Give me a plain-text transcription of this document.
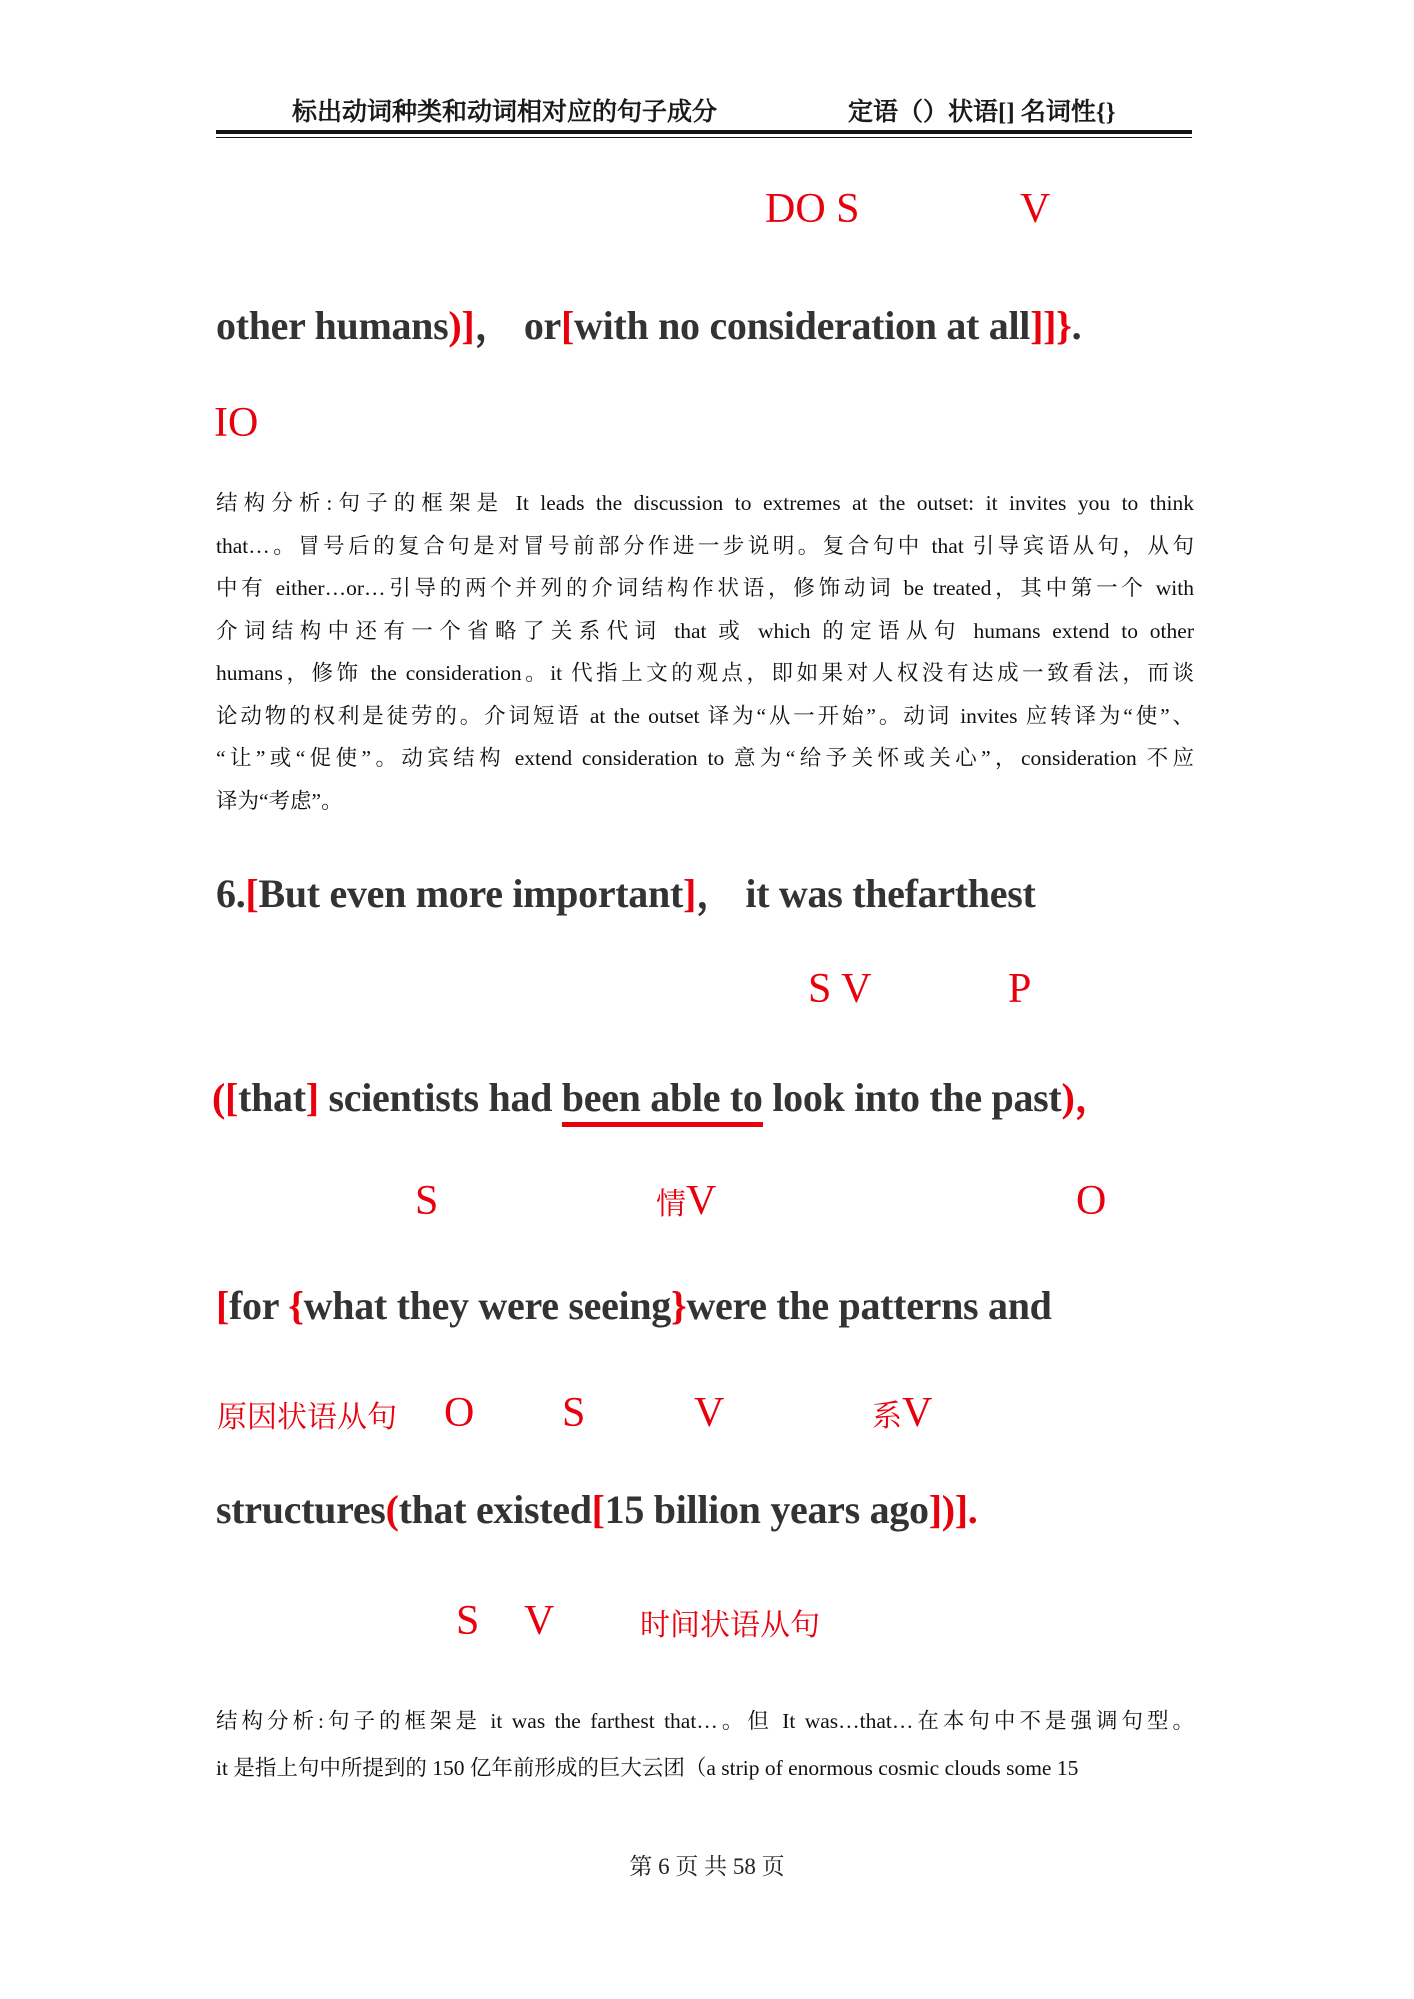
标出动词种类和动词相对应的句子成分	定语（）状语[] 名词性{}
DO S	V
other humans)]， or[with no consideration at all]]}.
IO
结构分析:句子的框架是 It leads the discussion to extremes at the outset: it invites you to think
that…。冒号后的复合句是对冒号前部分作进一步说明。复合句中 that 引导宾语从句，从句
中有 either…or…引导的两个并列的介词结构作状语，修饰动词 be treated，其中第一个 with
介词结构中还有一个省略了关系代词 that 或 which 的定语从句 humans extend to other
humans，修饰 the consideration。it 代指上文的观点，即如果对人权没有达成一致看法，而谈
论动物的权利是徒劳的。介词短语 at the outset 译为“从一开始”。动词 invites 应转译为“使”、
“让”或“促使”。动宾结构 extend consideration to 意为“给予关怀或关心”，consideration 不应
译为“考虑”。
6.[But even more important]， it was thefarthest
S V	P
([that] scientists had been able to look into the past)，
S	情V	O
[for {what they were seeing}were the patterns and
原因状语从句 O S	V	系V
structures(that existed[15 billion years ago])].
S V	时间状语从句
结构分析:句子的框架是 it was the farthest that…。但 It was…that…在本句中不是强调句型。
it 是指上句中所提到的 150 亿年前形成的巨大云团（a strip of enormous cosmic clouds some 15
第 6 页 共 58 页
